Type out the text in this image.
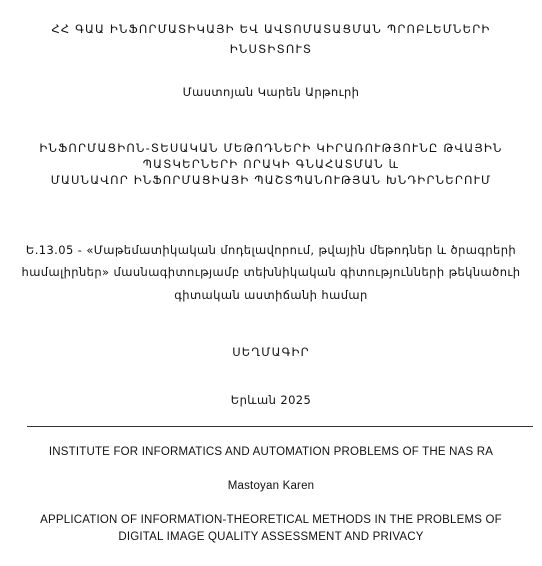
ՀՀ ԳԱԱ ԻՆՖՈՐՄԱՏԻԿԱՅԻ ԵՎ ԱՎՏՈՄԱՏԱՑՄԱՆ ՊՐՈԲԼԵՄՆԵՐԻ
ԻՆՍՏԻՏՈՒՏ
Մաստոյան Կարեն Արթուրի
ԻՆՖՈՐՄԱՑԻՈՆ-ՏԵՍԱԿԱՆ ՄԵԹՈԴՆԵՐԻ ԿԻՐԱՌՈՒԹՅՈՒՆԸ ԹՎԱՅԻՆ
ՊԱՏԿԵՐՆԵՐԻ ՈՐԱԿԻ ԳՆԱՀԱՏՄԱՆ և
ՄԱՍՆԱՎՈՐ ԻՆՖՈՐՄԱՑԻԱՅԻ ՊԱՇՏՊԱՆՈՒԹՅԱՆ ԽՆԴԻՐՆԵՐՈՒՄ
Ե.13.05 - «Մաթեմատիկական մոդելավորում, թվային մեթոդներ և ծրագրերի
համալիրներ» մասնագիտությամբ տեխնիկական գիտությունների թեկնածուի
գիտական աստիճանի համար
ՍԵՂՄԱԳԻՐ
Երևան 2025
INSTITUTE FOR INFORMATICS AND AUTOMATION PROBLEMS OF THE NAS RA
Mastoyan Karen
APPLICATION OF INFORMATION-THEORETICAL METHODS IN THE PROBLEMS OF
DIGITAL IMAGE QUALITY ASSESSMENT AND PRIVACY
